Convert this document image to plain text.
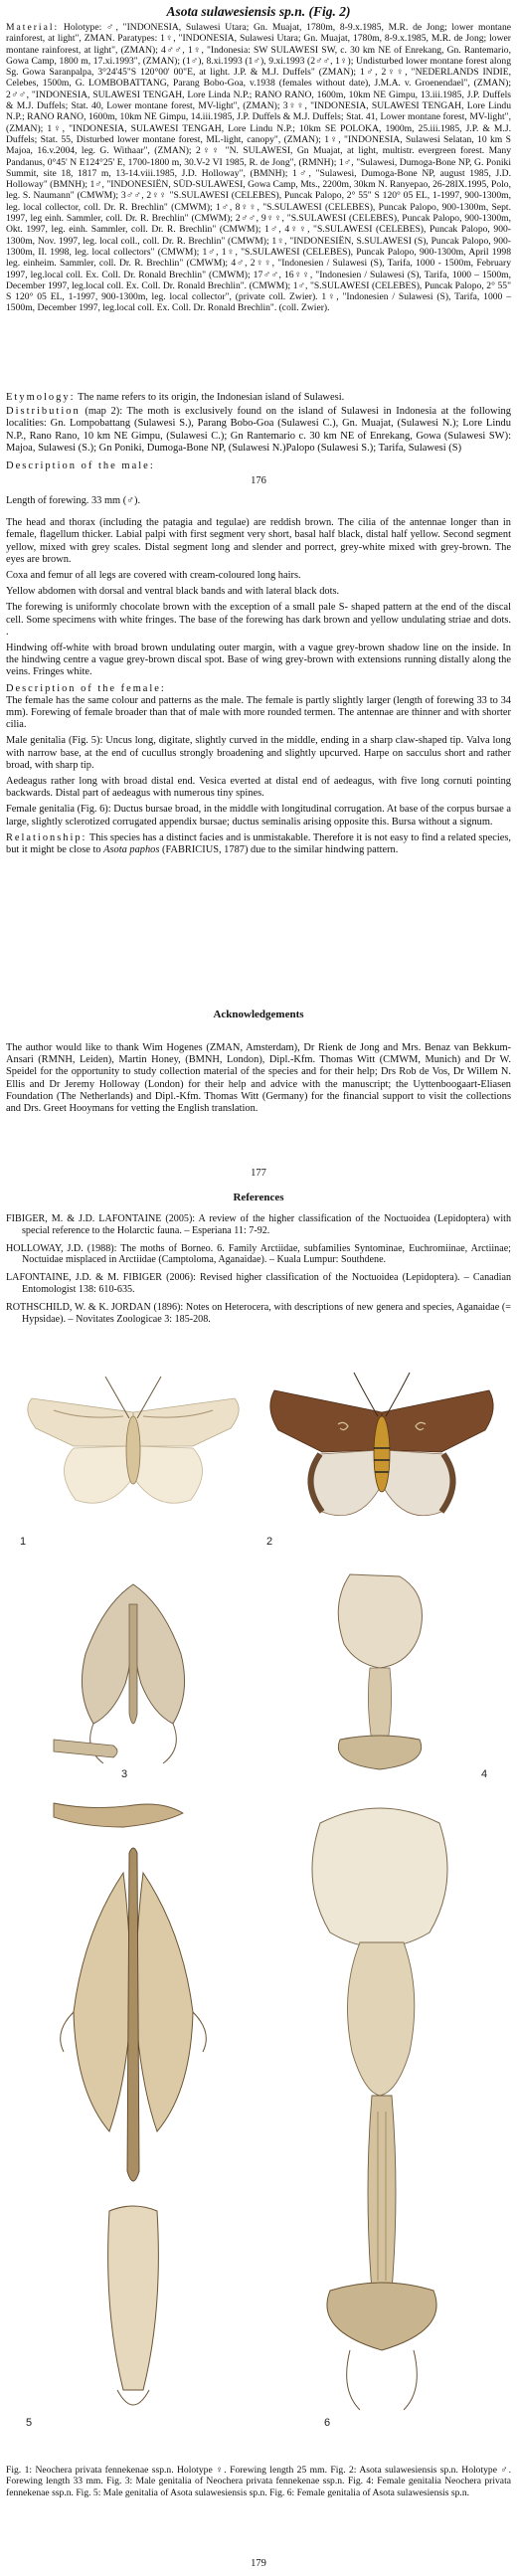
Asota sulawesiensis sp.n. (Fig. 2)
Material: Holotype: ♂, "INDONESIA, Sulawesi Utara; Gn. Muajat, 1780m, 8-9.x.1985, M.R. de Jong; lower montane rainforest, at light", ZMAN. Paratypes: 1♀, "INDONESIA, Sulawesi Utara; Gn. Muajat, 1780m, 8-9.x.1985, M.R. de Jong; lower montane rainforest, at light", (ZMAN); 4♂♂, 1♀, "Indonesia: SW SULAWESI SW, c. 30 km NE of Enrekang, Gn. Rantemario, Gowa Camp, 1800 m, 17.xi.1993", (ZMAN); (1♂), 8.xi.1993 (1♂), 9.xi.1993 (2♂♂, 1♀); Undisturbed lower montane forest along Sg. Gowa Saranpalpa, 3°24'45"S 120°00' 00"E, at light. J.P. & M.J. Duffels" (ZMAN); 1♂, 2♀♀, "NEDERLANDS INDIE, Celebes, 1500m, G. LOMBOBATTANG, Parang Bobo-Goa, v.1938 (females without date), J.M.A. v. Groenendael", (ZMAN); 2♂♂, "INDONESIA, SULAWESI TENGAH, Lore Linda N.P.; RANO RANO, 1600m, 10km NE Gimpu, 13.iii.1985, J.P. Duffels & M.J. Duffels; Stat. 40, Lower montane forest, MV-light", (ZMAN); 3♀♀, "INDONESIA, SULAWESI TENGAH, Lore Lindu N.P.; RANO RANO, 1600m, 10km NE Gimpu, 14.iii.1985, J.P. Duffels & M.J. Duffels; Stat. 41, Lower montane forest, MV-light", (ZMAN); 1♀, "INDONESIA, SULAWESI TENGAH, Lore Lindu N.P.; 10km SE POLOKA, 1900m, 25.iii.1985, J.P. & M.J. Duffels; Stat. 55, Disturbed lower montane forest, ML-light, canopy", (ZMAN); 1♀, "INDONESIA, Sulawesi Selatan, 10 km S Majoa, 16.v.2004, leg. G. Withaar", (ZMAN); 2♀♀ "N. SULAWESI, Gn Muajat, at light, multistr. evergreen forest. Many Pandanus, 0°45' N E124°25' E, 1700-1800 m, 30.V-2 VI 1985, R. de Jong", (RMNH); 1♂, "Sulawesi, Dumoga-Bone NP, G. Poniki Summit, site 18, 1817 m, 13-14.viii.1985, J.D. Holloway", (BMNH); 1♂, "Sulawesi, Dumoga-Bone NP, august 1985, J.D. Holloway" (BMNH); 1♂, "INDONESIËN, SÜD-SULAWESI, Gowa Camp, Mts., 2200m, 30km N. Ranyepao, 26-28IX.1995, Polo, leg. S. Naumann" (CMWM); 3♂♂, 2♀♀ "S.SULAWESI (CELEBES), Puncak Palopo, 2° 55" S 120° 05 EL, 1-1997, 900-1300m, leg. local collector, coll. Dr. R. Brechlin" (CMWM); 1♂, 8♀♀, "S.SULAWESI (CELEBES), Puncak Palopo, 900-1300m, Sept. 1997, leg einh. Sammler, coll. Dr. R. Brechlin" (CMWM); 2♂♂, 9♀♀, "S.SULAWESI (CELEBES), Puncak Palopo, 900-1300m, Okt. 1997, leg. einh. Sammler, coll. Dr. R. Brechlin" (CMWM); 1♂, 4♀♀, "S.SULAWESI (CELEBES), Puncak Palopo, 900-1300m, Nov. 1997, leg. local coll., coll. Dr. R. Brechlin" (CMWM); 1♀, "INDONESIËN, S.SULAWESI (S), Puncak Palopo, 900-1300m, II. 1998, leg. local collectors" (CMWM); 1♂, 1♀, "S.SULAWESI (CELEBES), Puncak Palopo, 900-1300m, April 1998 leg. einheim. Sammler, coll. Dr. R. Brechlin" (CMWM); 4♂, 2♀♀, "Indonesien / Sulawesi (S), Tarifa, 1000 - 1500m, February 1997, leg.local coll. Ex. Coll. Dr. Ronald Brechlin" (CMWM); 17♂♂, 16♀♀, "Indonesien / Sulawesi (S), Tarifa, 1000 – 1500m, December 1997, leg.local coll. Ex. Coll. Dr. Ronald Brechlin". (CMWM); 1♂, "S.SULAWESI (CELEBES), Puncak Palopo, 2° 55" S 120° 05 EL, 1-1997, 900-1300m, leg. local collector", (private coll. Zwier). 1♀, "Indonesien / Sulawesi (S), Tarifa, 1000 – 1500m, December 1997, leg.local coll. Ex. Coll. Dr. Ronald Brechlin". (coll. Zwier).
Etymology: The name refers to its origin, the Indonesian island of Sulawesi.
Distribution (map 2): The moth is exclusively found on the island of Sulawesi in Indonesia at the following localities: Gn. Lompobattang (Sulawesi S.), Parang Bobo-Goa (Sulawesi C.), Gn. Muajat, (Sulawesi N.); Lore Lindu N.P., Rano Rano, 10 km NE Gimpu, (Sulawesi C.); Gn Rantemario c. 30 km NE of Enrekang, Gowa (Sulawesi SW): Majoa, Sulawesi (S.); Gn Poniki, Dumoga-Bone NP, (Sulawesi N.)Palopo (Sulawesi S.); Tarifa, Sulawesi (S)
Description of the male:
176

Length of forewing. 33 mm (♂).

The head and thorax (including the patagia and tegulae) are reddish brown. The cilia of the antennae longer than in female, flagellum thicker. Labial palpi with first segment very short, basal half black, distal half yellow. Second segment yellow, mixed with grey scales. Distal segment long and slender and porrect, grey-white mixed with grey-brown. The eyes are brown.

Coxa and femur of all legs are covered with cream-coloured long hairs.

Yellow abdomen with dorsal and ventral black bands and with lateral black dots.

The forewing is uniformly chocolate brown with the exception of a small pale S- shaped pattern at the end of the discal cell. Some specimens with white fringes. The base of the forewing has dark brown and yellow undulating striae and dots. .

Hindwing off-white with broad brown undulating outer margin, with a vague grey-brown shadow line on the inside. In the hindwing centre a vague grey-brown discal spot. Base of wing grey-brown with extensions running distally along the veins. Fringes white.

Description of the female:

The female has the same colour and patterns as the male. The female is partly slightly larger (length of forewing 33 to 34 mm). Forewing of female broader than that of male with more rounded termen. The antennae are thinner and with shorter cilia.

Male genitalia (Fig. 5): Uncus long, digitate, slightly curved in the middle, ending in a sharp claw-shaped tip. Valva long with narrow base, at the end of cucullus strongly broadening and slightly upcurved. Harpe on sacculus short and rather broad, with sharp tip.

Aedeagus rather long with broad distal end. Vesica everted at distal end of aedeagus, with five long cornuti pointing backwards. Distal part of aedeagus with numerous tiny spines.

Female genitalia (Fig. 6): Ductus bursae broad, in the middle with longitudinal corrugation. At base of the corpus bursae a large, slightly sclerotized corrugated appendix bursae; ductus seminalis arising opposite this. Bursa without a signum.

Relationship: This species has a distinct facies and is unmistakable. Therefore it is not easy to find a related species, but it might be close to Asota paphos (FABRICIUS, 1787) due to the similar hindwing pattern.

Acknowledgements
The author would like to thank Wim Hogenes (ZMAN, Amsterdam), Dr Rienk de Jong and Mrs. Benaz van Bekkum-Ansari (RMNH, Leiden), Martin Honey, (BMNH, London), Dipl.-Kfm. Thomas Witt (CMWM, Munich) and Dr W. Speidel for the opportunity to study collection material of the species and for their help; Drs Rob de Vos, Dr Willem N. Ellis and Dr Jeremy Holloway (London) for their help and advice with the manuscript; the Uyttenboogaart-Eliasen Foundation (The Netherlands) and Dipl.-Kfm. Thomas Witt (Germany) for the financial support to visit the collections and Drs. Greet Hooymans for vetting the English translation.
177
References

FIBIGER, M. & J.D. LAFONTAINE (2005): A review of the higher classification of the Noctuoidea (Lepidoptera) with special reference to the Holarctic fauna. – Esperiana 11: 7-92.

HOLLOWAY, J.D. (1988): The moths of Borneo. 6. Family Arctiidae, subfamilies Syntominae, Euchromiinae, Arctiinae; Noctuidae misplaced in Arctiidae (Camptoloma, Aganaidae). – Kuala Lumpur: Southdene.

LAFONTAINE, J.D. & M. FIBIGER (2006): Revised higher classification of the Noctuoidea (Lepidoptera). – Canadian Entomologist 138: 610-635.

ROTHSCHILD, W. & K. JORDAN (1896): Notes on Heterocera, with descriptions of new genera and species, Aganaidae (= Hypsidae). – Novitates Zoologicae 3: 185-208.

1	2
3	4
5	6
Fig. 1: Neochera privata fennekenae ssp.n. Holotype ♀. Forewing length 25 mm. Fig. 2: Asota sulawesiensis sp.n. Holotype ♂. Forewing length 33 mm. Fig. 3: Male genitalia of Neochera privata fennekenae ssp.n. Fig. 4: Female genitalia Neochera privata fennekenae ssp.n. Fig. 5: Male genitalia of Asota sulawesiensis sp.n. Fig. 6: Female genitalia of Asota sulawesiensis sp.n.
179
